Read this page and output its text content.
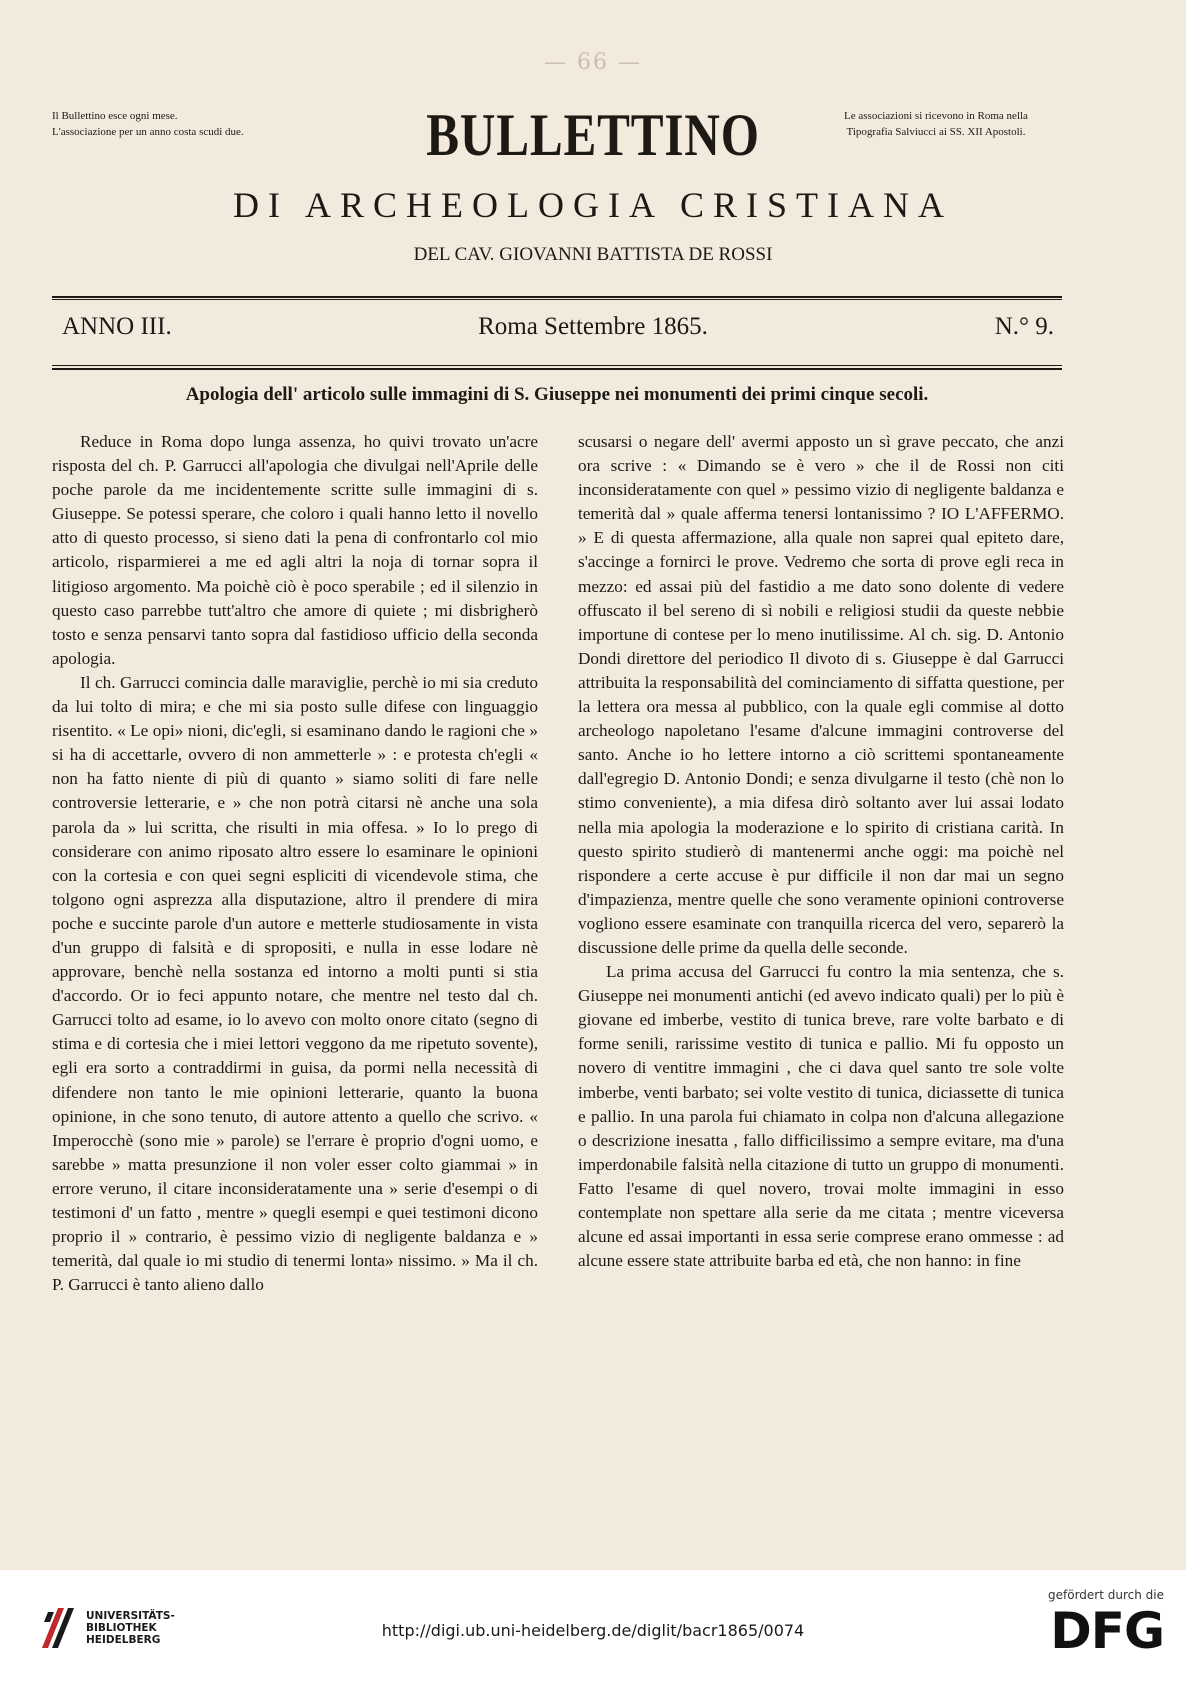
— 66 —
Il Bullettino esce ogni mese.
L'associazione per un anno costa scudi due.
Le associazioni si ricevono in Roma nella
Tipografia Salviucci ai SS. XII Apostoli.
BULLETTINO
DI ARCHEOLOGIA CRISTIANA
DEL CAV. GIOVANNI BATTISTA DE ROSSI
ANNO III.	Roma Settembre 1865.	N.° 9.
Apologia dell' articolo sulle immagini di S. Giuseppe nei monumenti dei primi cinque secoli.

Reduce in Roma dopo lunga assenza, ho quivi trovato un'acre risposta del ch. P. Garrucci all'apologia che divulgai nell'Aprile delle poche parole da me incidentemente scritte sulle immagini di s. Giuseppe. Se potessi sperare, che coloro i quali hanno letto il novello atto di questo processo, si sieno dati la pena di confrontarlo col mio articolo, risparmierei a me ed agli altri la noja di tornar sopra il litigioso argomento. Ma poichè ciò è poco sperabile ; ed il silenzio in questo caso parrebbe tutt'altro che amore di quiete ; mi disbrigherò tosto e senza pensarvi tanto sopra dal fastidioso ufficio della seconda apologia.

Il ch. Garrucci comincia dalle maraviglie, perchè io mi sia creduto da lui tolto di mira; e che mi sia posto sulle difese con linguaggio risentito. « Le opi» nioni, dic'egli, si esaminano dando le ragioni che » si ha di accettarle, ovvero di non ammetterle » : e protesta ch'egli « non ha fatto niente di più di quanto » siamo soliti di fare nelle controversie letterarie, e » che non potrà citarsi nè anche una sola parola da » lui scritta, che risulti in mia offesa. » Io lo prego di considerare con animo riposato altro essere lo esaminare le opinioni con la cortesia e con quei segni espliciti di vicendevole stima, che tolgono ogni asprezza alla disputazione, altro il prendere di mira poche e succinte parole d'un autore e metterle studiosamente in vista d'un gruppo di falsità e di spropositi, e nulla in esse lodare nè approvare, benchè nella sostanza ed intorno a molti punti si stia d'accordo. Or io feci appunto notare, che mentre nel testo dal ch. Garrucci tolto ad esame, io lo avevo con molto onore citato (segno di stima e di cortesia che i miei lettori veggono da me ripetuto sovente), egli era sorto a contraddirmi in guisa, da pormi nella necessità di difendere non tanto le mie opinioni letterarie, quanto la buona opinione, in che sono tenuto, di autore attento a quello che scrivo. « Imperocchè (sono mie » parole) se l'errare è proprio d'ogni uomo, e sarebbe » matta presunzione il non voler esser colto giammai » in errore veruno, il citare inconsideratamente una » serie d'esempi o di testimoni d' un fatto , mentre » quegli esempi e quei testimoni dicono proprio il » contrario, è pessimo vizio di negligente baldanza e » temerità, dal quale io mi studio di tenermi lonta» nissimo. » Ma il ch. P. Garrucci è tanto alieno dallo

scusarsi o negare dell' avermi apposto un sì grave peccato, che anzi ora scrive : « Dimando se è vero » che il de Rossi non citi inconsideratamente con quel » pessimo vizio di negligente baldanza e temerità dal » quale afferma tenersi lontanissimo ? IO L'AFFERMO. » E di questa affermazione, alla quale non saprei qual epiteto dare, s'accinge a fornirci le prove. Vedremo che sorta di prove egli reca in mezzo: ed assai più del fastidio a me dato sono dolente di vedere offuscato il bel sereno di sì nobili e religiosi studii da queste nebbie importune di contese per lo meno inutilissime. Al ch. sig. D. Antonio Dondi direttore del periodico Il divoto di s. Giuseppe è dal Garrucci attribuita la responsabilità del cominciamento di siffatta questione, per la lettera ora messa al pubblico, con la quale egli commise al dotto archeologo napoletano l'esame d'alcune immagini controverse del santo. Anche io ho lettere intorno a ciò scrittemi spontaneamente dall'egregio D. Antonio Dondi; e senza divulgarne il testo (chè non lo stimo conveniente), a mia difesa dirò soltanto aver lui assai lodato nella mia apologia la moderazione e lo spirito di cristiana carità. In questo spirito studierò di mantenermi anche oggi: ma poichè nel rispondere a certe accuse è pur difficile il non dar mai un segno d'impazienza, mentre quelle che sono veramente opinioni controverse vogliono essere esaminate con tranquilla ricerca del vero, separerò la discussione delle prime da quella delle seconde.

La prima accusa del Garrucci fu contro la mia sentenza, che s. Giuseppe nei monumenti antichi (ed avevo indicato quali) per lo più è giovane ed imberbe, vestito di tunica breve, rare volte barbato e di forme senili, rarissime vestito di tunica e pallio. Mi fu opposto un novero di ventitre immagini , che ci dava quel santo tre sole volte imberbe, venti barbato; sei volte vestito di tunica, diciassette di tunica e pallio. In una parola fui chiamato in colpa non d'alcuna allegazione o descrizione inesatta , fallo difficilissimo a sempre evitare, ma d'una imperdonabile falsità nella citazione di tutto un gruppo di monumenti. Fatto l'esame di quel novero, trovai molte immagini in esso contemplate non spettare alla serie da me citata ; mentre viceversa alcune ed assai importanti in essa serie comprese erano ommesse : ad alcune essere state attribuite barba ed età, che non hanno: in fine

UNIVERSITÄTS-
BIBLIOTHEK
HEIDELBERG	http://digi.ub.uni-heidelberg.de/diglit/bacr1865/0074
gefördert durch die
DFG
